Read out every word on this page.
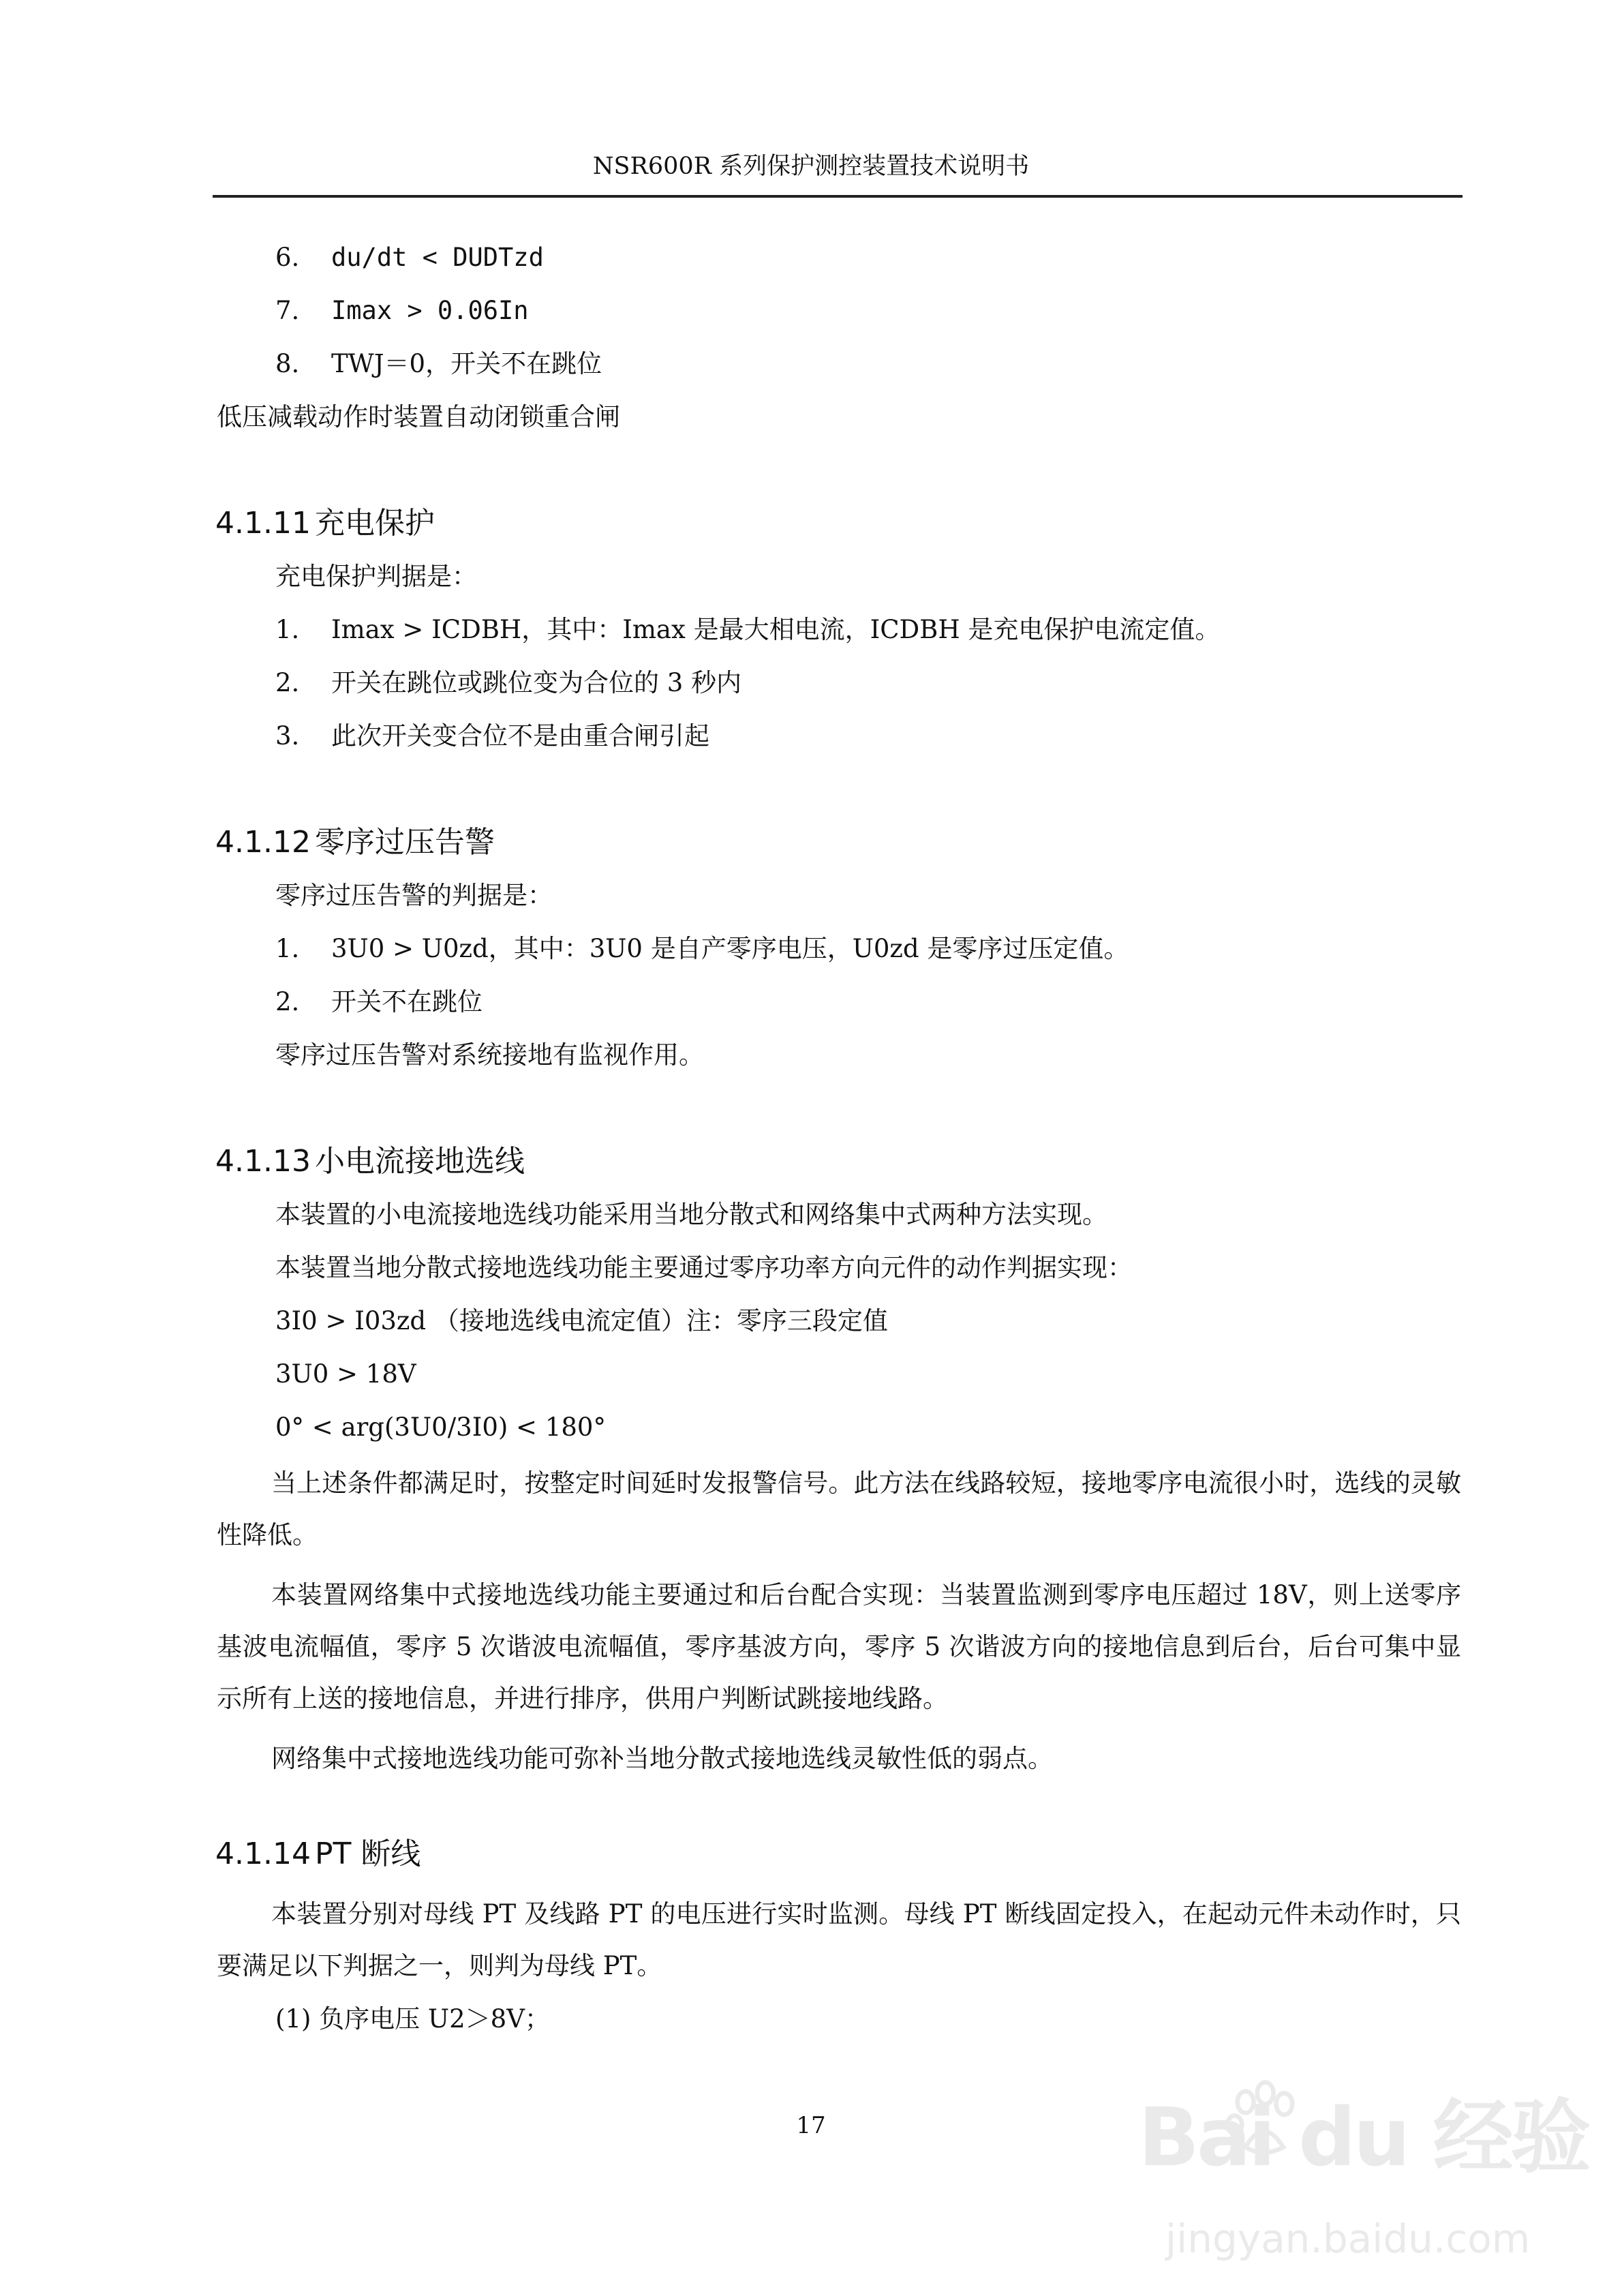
NSR600R 系列保护测控装置技术说明书
6. du/dt < DUDTzd
7. Imax > 0.06In
8. TWJ＝0，开关不在跳位
低压减载动作时装置自动闭锁重合闸
4.1.11 充电保护
充电保护判据是：
1. Imax > ICDBH，其中：Imax 是最大相电流，ICDBH 是充电保护电流定值。
2. 开关在跳位或跳位变为合位的 3 秒内
3. 此次开关变合位不是由重合闸引起
4.1.12 零序过压告警
零序过压告警的判据是：
1. 3U0 > U0zd，其中：3U0 是自产零序电压，U0zd 是零序过压定值。
2. 开关不在跳位
零序过压告警对系统接地有监视作用。
4.1.13 小电流接地选线
本装置的小电流接地选线功能采用当地分散式和网络集中式两种方法实现。
本装置当地分散式接地选线功能主要通过零序功率方向元件的动作判据实现：
3I0 > I03zd （接地选线电流定值）注：零序三段定值
3U0 > 18V
0° < arg(3U0/3I0) < 180°
当上述条件都满足时，按整定时间延时发报警信号。此方法在线路较短，接地零序电流很小时，选线的灵敏性降低。
本装置网络集中式接地选线功能主要通过和后台配合实现：当装置监测到零序电压超过 18V，则上送零序基波电流幅值，零序 5 次谐波电流幅值，零序基波方向，零序 5 次谐波方向的接地信息到后台，后台可集中显示所有上送的接地信息，并进行排序，供用户判断试跳接地线路。
网络集中式接地选线功能可弥补当地分散式接地选线灵敏性低的弱点。
4.1.14 PT 断线
本装置分别对母线 PT 及线路 PT 的电压进行实时监测。母线 PT 断线固定投入，在起动元件未动作时，只要满足以下判据之一，则判为母线 PT。
(1) 负序电压 U2＞8V；
17	Bai du 经验
jingyan.baidu.com
